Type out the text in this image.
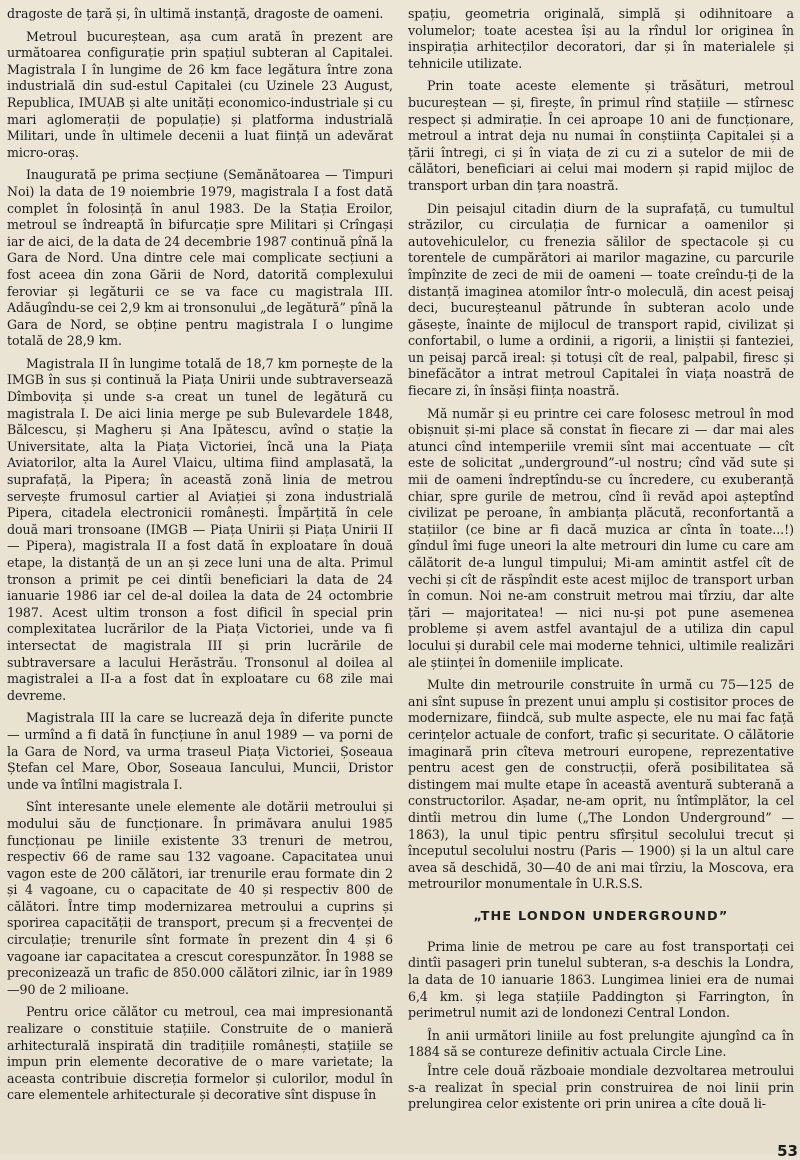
dragoste de țară și, în ultimă instanță, dragoste de oameni.

Metroul bucureștean, așa cum arată în prezent are următoarea configurație prin spațiul subteran al Capitalei. Magistrala I în lungime de 26 km face legătura între zona industrială din sud-estul Capitalei (cu Uzinele 23 August, Republica, IMUAB și alte unități economico-industriale și cu mari aglomerații de populație) și platforma industrială Militari, unde în ultimele decenii a luat ființă un adevărat micro-oraș.

Inaugurată pe prima secțiune (Semănătoarea — Timpuri Noi) la data de 19 noiembrie 1979, magistrala I a fost dată complet în folosință în anul 1983. De la Stația Eroilor, metroul se îndreaptă în bifurcație spre Militari și Crîngași iar de aici, de la data de 24 decembrie 1987 continuă pînă la Gara de Nord. Una dintre cele mai complicate secțiuni a fost aceea din zona Gării de Nord, datorită complexului feroviar și legăturii ce se va face cu magistrala III. Adăugîndu-se cei 2,9 km ai tronsonului „de legătură” pînă la Gara de Nord, se obține pentru magistrala I o lungime totală de 28,9 km.

Magistrala II în lungime totală de 18,7 km pornește de la IMGB în sus și continuă la Piața Unirii unde subtraversează Dîmbovița și unde s-a creat un tunel de legătură cu magistrala I. De aici linia merge pe sub Bulevardele 1848, Bălcescu, și Magheru și Ana Ipătescu, avînd o stație la Universitate, alta la Piața Victoriei, încă una la Piața Aviatorilor, alta la Aurel Vlaicu, ultima fiind amplasată, la suprafață, la Pipera; în această zonă linia de metrou servește frumosul cartier al Aviației și zona industrială Pipera, citadela electronicii românești. Împărțită în cele două mari tronsoane (IMGB — Piața Unirii și Piața Unirii II — Pipera), magistrala II a fost dată în exploatare în două etape, la distanță de un an și zece luni una de alta. Primul tronson a primit pe cei dintîi beneficiari la data de 24 ianuarie 1986 iar cel de-al doilea la data de 24 octombrie 1987. Acest ultim tronson a fost dificil în special prin complexitatea lucrărilor de la Piața Victoriei, unde va fi intersectat de magistrala III și prin lucrările de subtraversare a lacului Herăstrău. Tronsonul al doilea al magistralei a II-a a fost dat în exploatare cu 68 zile mai devreme.

Magistrala III la care se lucrează deja în diferite puncte — urmînd a fi dată în funcțiune în anul 1989 — va porni de la Gara de Nord, va urma traseul Piața Victoriei, Șoseaua Ștefan cel Mare, Obor, Soseaua Iancului, Muncii, Dristor unde va întîlni magistrala I.

Sînt interesante unele elemente ale dotării metroului și modului său de funcționare. În primăvara anului 1985 funcționau pe liniile existente 33 trenuri de metrou, respectiv 66 de rame sau 132 vagoane. Capacitatea unui vagon este de 200 călători, iar trenurile erau formate din 2 și 4 vagoane, cu o capacitate de 40 și respectiv 800 de călători. Între timp modernizarea metroului a cuprins și sporirea capacității de transport, precum și a frecvenței de circulație; trenurile sînt formate în prezent din 4 și 6 vagoane iar capacitatea a crescut corespunzător. În 1988 se preconizează un trafic de 850.000 călători zilnic, iar în 1989—90 de 2 milioane.

Pentru orice călător cu metroul, cea mai impresionantă realizare o constituie stațiile. Construite de o manieră arhitecturală inspirată din tradițiile românești, stațiile se impun prin elemente decorative de o mare varietate; la aceasta contribuie discreția formelor și culorilor, modul în care elementele arhitecturale și decorative sînt dispuse în

spațiu, geometria originală, simplă și odihnitoare a volumelor; toate acestea își au la rîndul lor originea în inspirația arhitecților decoratori, dar și în materialele și tehnicile utilizate.

Prin toate aceste elemente și trăsături, metroul bucureștean — și, firește, în primul rînd stațiile — stîrnesc respect și admirație. În cei aproape 10 ani de funcționare, metroul a intrat deja nu numai în conștiința Capitalei și a țării întregi, ci și în viața de zi cu zi a sutelor de mii de călători, beneficiari ai celui mai modern și rapid mijloc de transport urban din țara noastră.

Din peisajul citadin diurn de la suprafață, cu tumultul străzilor, cu circulația de furnicar a oamenilor și autovehiculelor, cu frenezia sălilor de spectacole și cu torentele de cumpărători ai marilor magazine, cu parcurile împînzite de zeci de mii de oameni — toate creîndu-ți de la distanță imaginea atomilor într-o moleculă, din acest peisaj deci, bucureșteanul pătrunde în subteran acolo unde găsește, înainte de mijlocul de transport rapid, civilizat și confortabil, o lume a ordinii, a rigorii, a liniștii și fanteziei, un peisaj parcă ireal: și totuși cît de real, palpabil, firesc și binefăcător a intrat metroul Capitalei în viața noastră de fiecare zi, în însăși ființa noastră.

Mă număr și eu printre cei care folosesc metroul în mod obișnuit și-mi place să constat în fiecare zi — dar mai ales atunci cînd intemperiile vremii sînt mai accentuate — cît este de solicitat „underground”-ul nostru; cînd văd sute și mii de oameni îndreptîndu-se cu încredere, cu exuberanță chiar, spre gurile de metrou, cînd îi revăd apoi așteptînd civilizat pe peroane, în ambianța plăcută, reconfortantă a stațiilor (ce bine ar fi dacă muzica ar cînta în toate...!) gîndul îmi fuge uneori la alte metrouri din lume cu care am călătorit de-a lungul timpului; Mi-am amintit astfel cît de vechi și cît de răspîndit este acest mijloc de transport urban în comun. Noi ne-am construit metrou mai tîrziu, dar alte țări — majoritatea! — nici nu-și pot pune asemenea probleme și avem astfel avantajul de a utiliza din capul locului și durabil cele mai moderne tehnici, ultimile realizări ale științei în domeniile implicate.

Multe din metrourile construite în urmă cu 75—125 de ani sînt supuse în prezent unui amplu și costisitor proces de modernizare, fiindcă, sub multe aspecte, ele nu mai fac față cerințelor actuale de confort, trafic și securitate. O călătorie imaginară prin cîteva metrouri europene, reprezentative pentru acest gen de construcții, oferă posibilitatea să distingem mai multe etape în această aventură subterană a constructorilor. Așadar, ne-am oprit, nu întîmplător, la cel dintîi metrou din lume („The London Underground” — 1863), la unul tipic pentru sfîrșitul secolului trecut și începutul secolului nostru (Paris — 1900) și la un altul care avea să deschidă, 30—40 de ani mai tîrziu, la Moscova, era metrourilor monumentale în U.R.S.S.

„THE LONDON UNDERGROUND”

Prima linie de metrou pe care au fost transportați cei dintîi pasageri prin tunelul subteran, s-a deschis la Londra, la data de 10 ianuarie 1863. Lungimea liniei era de numai 6,4 km. și lega stațiile Paddington și Farrington, în perimetrul numit azi de londonezi Central London.

În anii următori liniile au fost prelungite ajungînd ca în 1884 să se contureze definitiv actuala Circle Line.

Între cele două războaie mondiale dezvoltarea metroului s-a realizat în special prin construirea de noi linii prin prelungirea celor existente ori prin unirea a cîte două li-

53
